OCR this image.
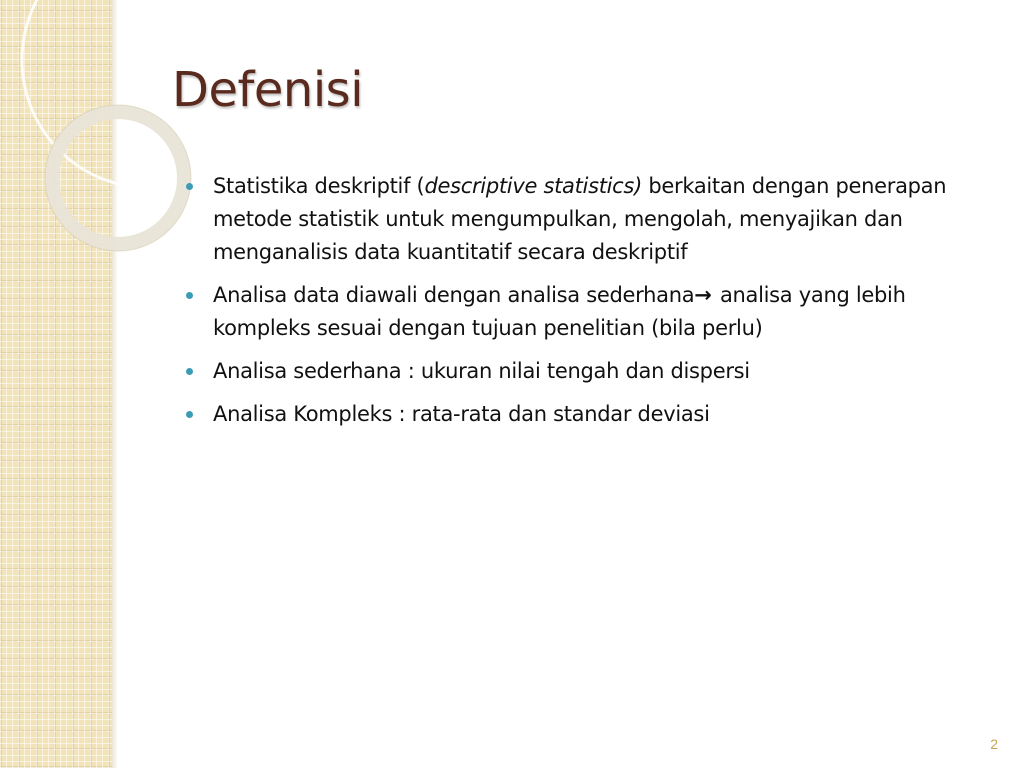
Defenisi
Statistika deskriptif (descriptive statistics) berkaitan dengan penerapan metode statistik untuk mengumpulkan, mengolah, menyajikan dan menganalisis data kuantitatif secara deskriptif
Analisa data diawali dengan analisa sederhana→ analisa yang lebih kompleks sesuai dengan tujuan penelitian (bila perlu)
Analisa sederhana : ukuran nilai tengah dan dispersi
Analisa Kompleks : rata-rata dan standar deviasi
2
